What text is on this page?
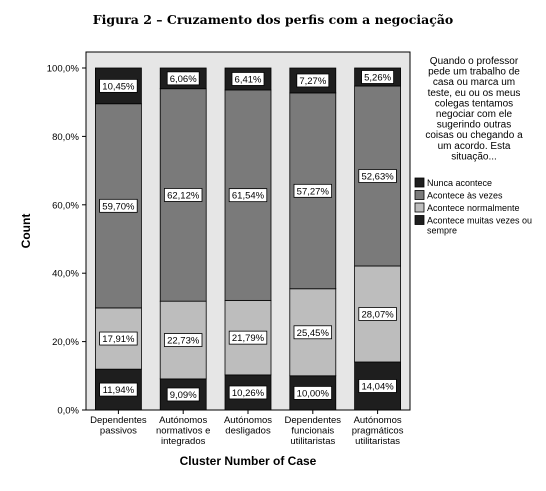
Figura 2 – Cruzamento dos perfis com a negociação
0,0%
20,0%
40,0%
60,0%
80,0%
100,0%
11,94%
17,91%
59,70%
10,45%
9,09%
22,73%
62,12%
6,06%
10,26%
21,79%
61,54%
6,41%
10,00%
25,45%
57,27%
7,27%
14,04%
28,07%
52,63%
5,26%
Dependentes passivos
Autónomos normativos e integrados
Autónomos desligados
Dependentes funcionais utilitaristas
Autónomos pragmáticos utilitaristas
Count
Cluster Number of Case
Quando o professor pede um trabalho de casa ou marca um teste, eu ou os meus colegas tentamos negociar com ele sugerindo outras coisas ou chegando a um acordo. Esta situação...
Nunca acontece
Acontece às vezes
Acontece normalmente
Acontece muitas vezes ou sempre
